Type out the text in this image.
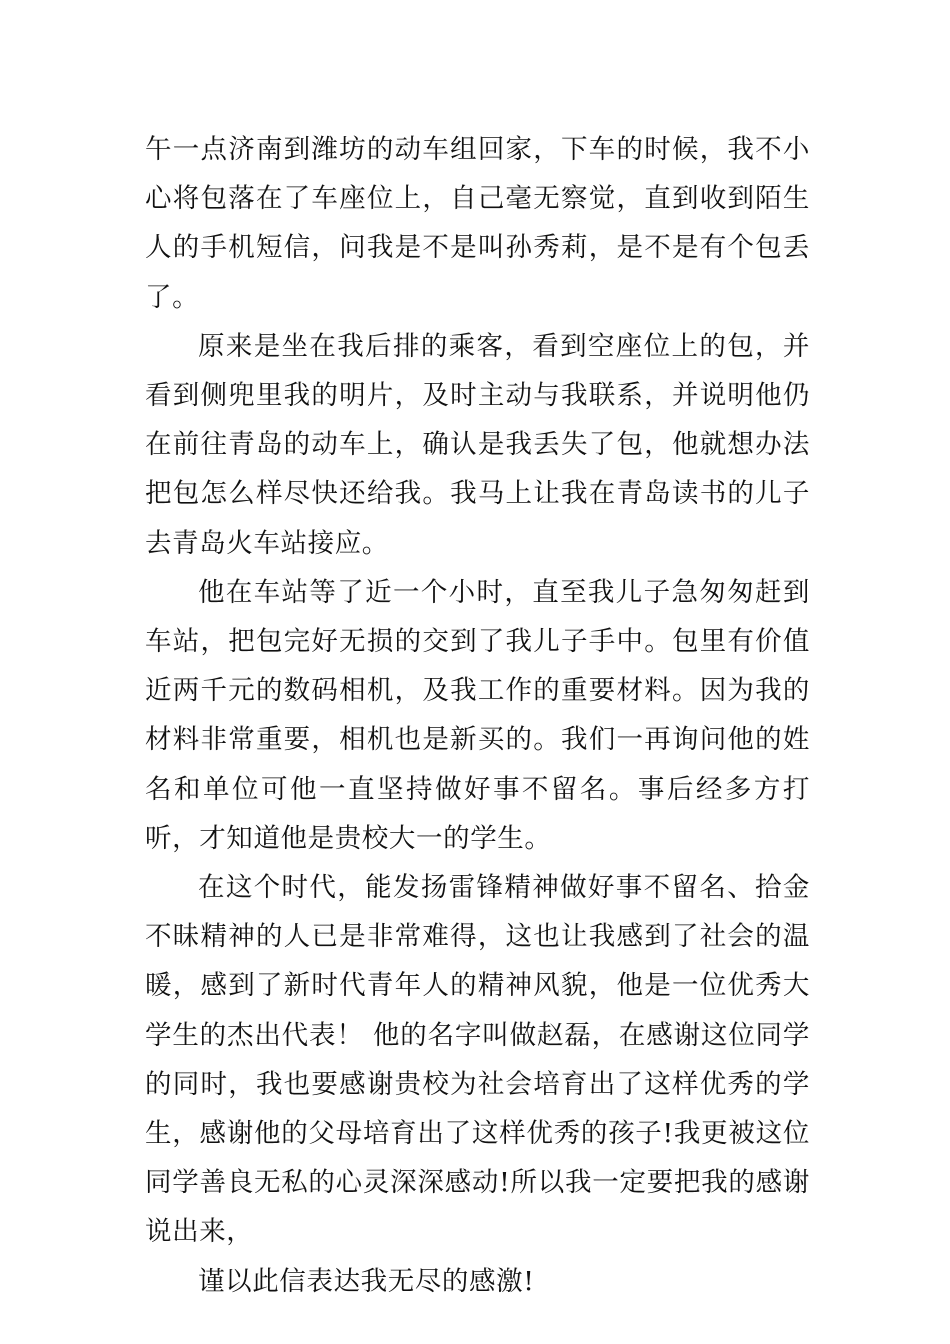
午一点济南到潍坊的动车组回家，下车的时候，我不小心将包落在了车座位上，自己毫无察觉，直到收到陌生人的手机短信，问我是不是叫孙秀莉，是不是有个包丢了。

原来是坐在我后排的乘客，看到空座位上的包，并看到侧兜里我的明片，及时主动与我联系，并说明他仍在前往青岛的动车上，确认是我丢失了包，他就想办法把包怎么样尽快还给我。我马上让我在青岛读书的儿子去青岛火车站接应。

他在车站等了近一个小时，直至我儿子急匆匆赶到车站，把包完好无损的交到了我儿子手中。包里有价值近两千元的数码相机，及我工作的重要材料。因为我的材料非常重要，相机也是新买的。我们一再询问他的姓名和单位可他一直坚持做好事不留名。事后经多方打听，才知道他是贵校大一的学生。

在这个时代，能发扬雷锋精神做好事不留名、拾金不昧精神的人已是非常难得，这也让我感到了社会的温暖，感到了新时代青年人的精神风貌，他是一位优秀大学生的杰出代表！ 他的名字叫做赵磊，在感谢这位同学的同时，我也要感谢贵校为社会培育出了这样优秀的学生，感谢他的父母培育出了这样优秀的孩子!我更被这位同学善良无私的心灵深深感动!所以我一定要把我的感谢说出来，

谨以此信表达我无尽的感激!
